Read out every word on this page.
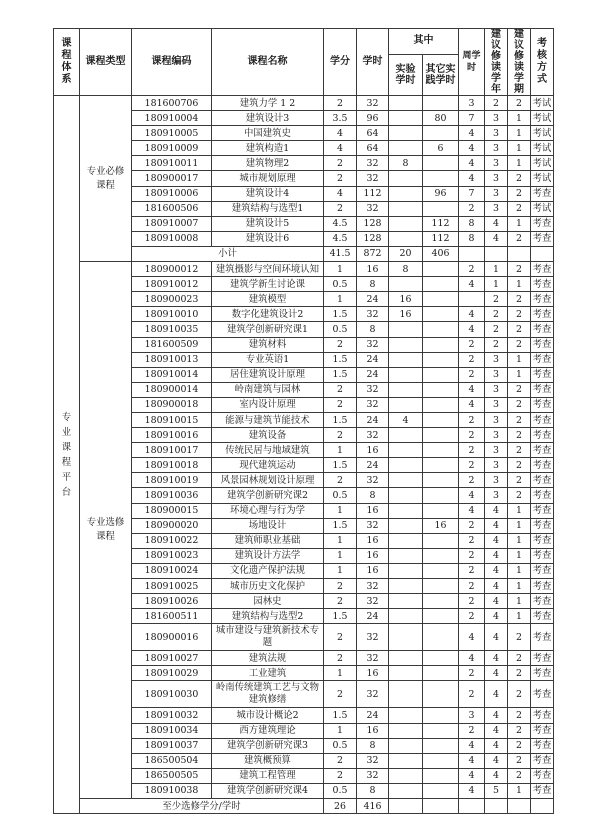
课程体系	课程类型	课程编码	课程名称	学分	学时	其中		周学时	建议修读学年	建议修读学期	考核方式
						实验学时	其它实践学时				
专业课程平台	专业必修课程	181600706	建筑力学 1 2	2	32			3	2	2	考试
		180910004	建筑设计3	3.5	96		80	7	3	1	考试
		180910005	中国建筑史	4	64			4	3	1	考试
		180910009	建筑构造1	4	64		6	4	3	1	考试
		180910011	建筑物理2	2	32	8		4	3	1	考试
		180900017	城市规划原理	2	32			4	3	2	考试
		180910006	建筑设计4	4	112		96	7	3	2	考查
		181600506	建筑结构与选型1	2	32			2	3	2	考试
		180910007	建筑设计5	4.5	128		112	8	4	1	考查
		180910008	建筑设计6	4.5	128		112	8	4	2	考查
		小计		41.5	872	20	406				
	专业选修课程	180900012	建筑摄影与空间环境认知	1	16	8		2	1	2	考查
		180910012	建筑学新生讨论课	0.5	8			4	1	1	考查
		180900023	建筑模型	1	24	16			2	2	考查
		180910010	数字化建筑设计2	1.5	32	16		4	2	2	考查
		180910035	建筑学创新研究课1	0.5	8			4	2	2	考查
		181600509	建筑材料	2	32			2	2	2	考查
		180910013	专业英语1	1.5	24			2	3	1	考查
		180910014	居住建筑设计原理	1.5	24			2	3	1	考查
		180900014	岭南建筑与园林	2	32			4	3	2	考查
		180900018	室内设计原理	2	32			4	3	2	考查
		180910015	能源与建筑节能技术	1.5	24	4		2	3	2	考查
		180910016	建筑设备	2	32			2	3	2	考查
		180910017	传统民居与地域建筑	1	16			2	3	2	考查
		180910018	现代建筑运动	1.5	24			2	3	2	考查
		180910019	风景园林规划设计原理	2	32			2	3	2	考查
		180910036	建筑学创新研究课2	0.5	8			4	3	2	考查
		180900015	环境心理与行为学	1	16			4	4	1	考查
		180900020	场地设计	1.5	32		16	2	4	1	考查
		180910022	建筑师职业基础	1	16			2	4	1	考查
		180910023	建筑设计方法学	1	16			2	4	1	考查
		180910024	文化遗产保护法规	1	16			2	4	1	考查
		180910025	城市历史文化保护	2	32			2	4	1	考查
		180910026	园林史	2	32			2	4	1	考查
		181600511	建筑结构与选型2	1.5	24			2	4	1	考查
		180900016	城市建设与建筑新技术专题	2	32			4	4	2	考查
		180910027	建筑法规	2	32			4	4	2	考查
		180910029	工业建筑	1	16			2	4	2	考查
		180910030	岭南传统建筑工艺与文物建筑修缮	2	32			2	4	2	考查
		180910032	城市设计概论2	1.5	24			3	4	2	考查
		180910034	西方建筑理论	1	16			2	4	2	考查
		180910037	建筑学创新研究课3	0.5	8			4	4	2	考查
		186500504	建筑概预算	2	32			4	4	2	考查
		186500505	建筑工程管理	2	32			4	4	2	考查
		180910038	建筑学创新研究课4	0.5	8			4	5	1	考查
	至少选修学分/学时			26	416						
